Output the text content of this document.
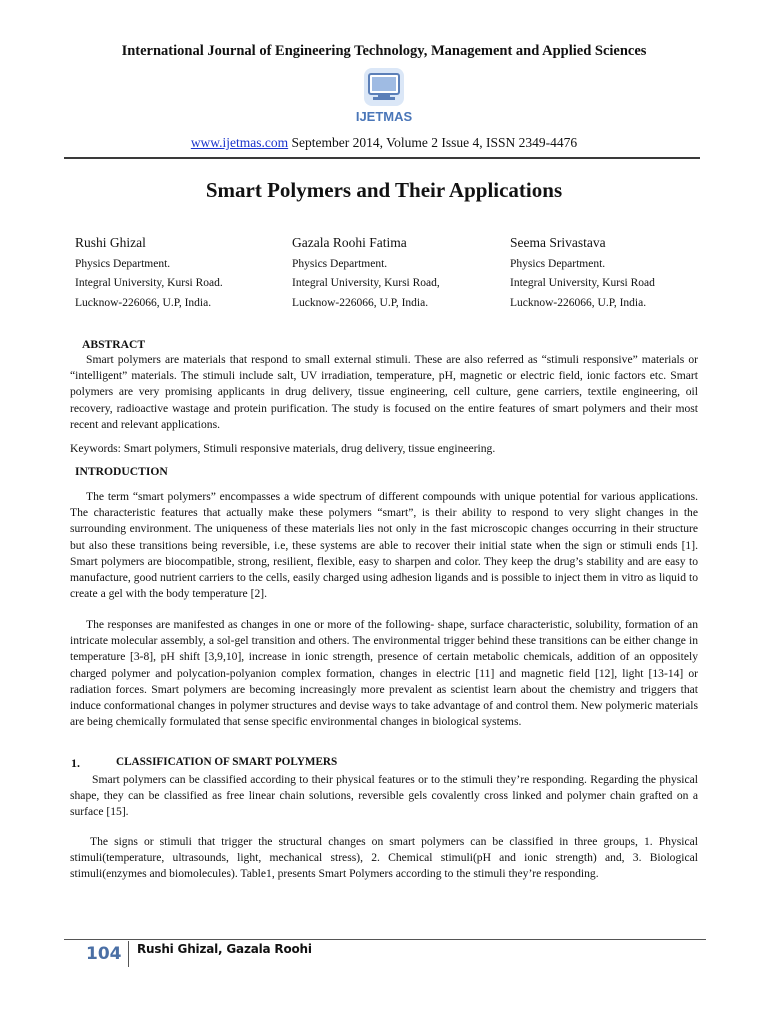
International Journal of Engineering Technology, Management and Applied Sciences
IJETMAS
www.ijetmas.com September 2014, Volume 2 Issue 4, ISSN 2349-4476
Smart Polymers and Their Applications
Rushi Ghizal
Physics Department.
Integral University, Kursi Road.
Lucknow-226066, U.P, India.
Gazala Roohi Fatima
Physics Department.
Integral University, Kursi Road,
Lucknow-226066, U.P, India.
Seema Srivastava
Physics Department.
Integral University, Kursi Road
Lucknow-226066, U.P, India.
ABSTRACT
Smart polymers are materials that respond to small external stimuli. These are also referred as “stimuli responsive” materials or “intelligent” materials. The stimuli include salt, UV irradiation, temperature, pH, magnetic or electric field, ionic factors etc. Smart polymers are very promising applicants in drug delivery, tissue engineering, cell culture, gene carriers, textile engineering, oil recovery, radioactive wastage and protein purification. The study is focused on the entire features of smart polymers and their most recent and relevant applications.
Keywords: Smart polymers, Stimuli responsive materials, drug delivery, tissue engineering.
INTRODUCTION
The term “smart polymers” encompasses a wide spectrum of different compounds with unique potential for various applications. The characteristic features that actually make these polymers “smart”, is their ability to respond to very slight changes in the surrounding environment. The uniqueness of these materials lies not only in the fast microscopic changes occurring in their structure but also these transitions being reversible, i.e, these systems are able to recover their initial state when the sign or stimuli ends [1]. Smart polymers are biocompatible, strong, resilient, flexible, easy to sharpen and color. They keep the drug’s stability and are easy to manufacture, good nutrient carriers to the cells, easily charged using adhesion ligands and is possible to inject them in vitro as liquid to create a gel with the body temperature [2].
The responses are manifested as changes in one or more of the following- shape, surface characteristic, solubility, formation of an intricate molecular assembly, a sol-gel transition and others. The environmental trigger behind these transitions can be either change in temperature [3-8], pH shift [3,9,10], increase in ionic strength, presence of certain metabolic chemicals, addition of an oppositely charged polymer and polycation-polyanion complex formation, changes in electric [11] and magnetic field [12], light [13-14] or radiation forces. Smart polymers are becoming increasingly more prevalent as scientist learn about the chemistry and triggers that induce conformational changes in polymer structures and devise ways to take advantage of and control them. New polymeric materials are being chemically formulated that sense specific environmental changes in biological systems.
1.	CLASSIFICATION OF SMART POLYMERS
Smart polymers can be classified according to their physical features or to the stimuli they’re responding. Regarding the physical shape, they can be classified as free linear chain solutions, reversible gels covalently cross linked and polymer chain grafted on a surface [15].
The signs or stimuli that trigger the structural changes on smart polymers can be classified in three groups, 1. Physical stimuli(temperature, ultrasounds, light, mechanical stress), 2. Chemical stimuli(pH and ionic strength) and, 3. Biological stimuli(enzymes and biomolecules). Table1, presents Smart Polymers according to the stimuli they’re responding.
104 Rushi Ghizal, Gazala Roohi
